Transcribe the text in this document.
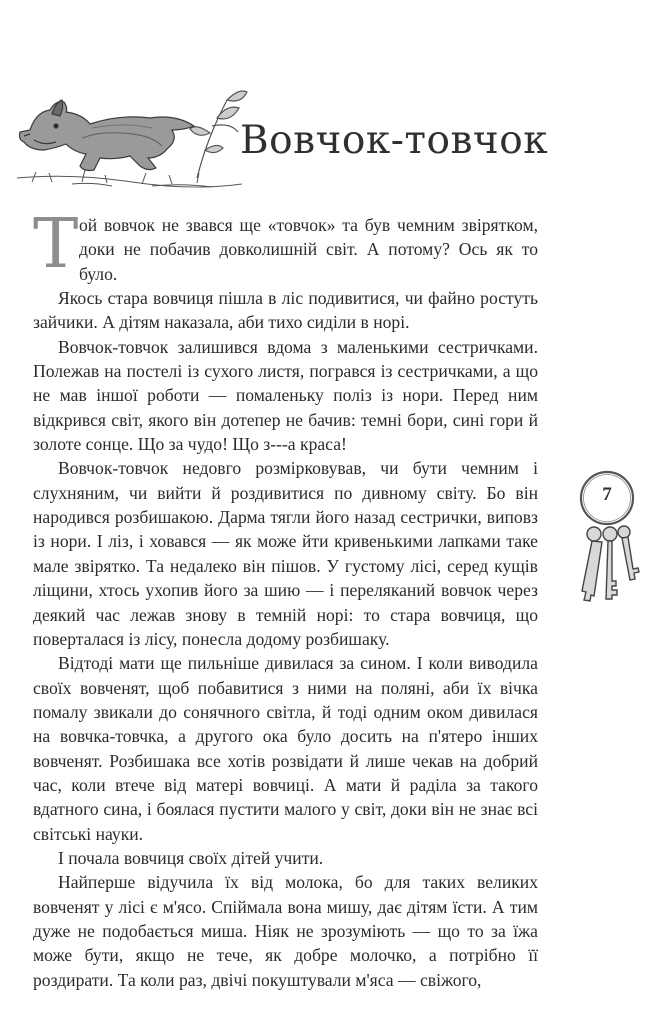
Вовчок-товчок

Той вовчок не звався ще «товчок» та був чемним звірятком, доки не побачив довколишній світ. А потому? Ось як то було.

Якось стара вовчиця пішла в ліс подивитися, чи файно ростуть зайчики. А дітям наказала, аби тихо сиділи в норі.

Вовчок-товчок залишився вдома з маленькими сестричками. Полежав на постелі із сухого листя, погрався із сестричками, а що не мав іншої роботи — помаленьку поліз із нори. Перед ним відкрився світ, якого він дотепер не бачив: темні бори, сині гори й золоте сонце. Що за чудо! Що з---а краса!

Вовчок-товчок недовго розмірковував, чи бути чемним і слухняним, чи вийти й роздивитися по дивному світу. Бо він народився розбишакою. Дарма тягли його назад сестрички, виповз із нори. І ліз, і ховався — як може йти кривенькими лапками таке мале звірятко. Та недалеко він пішов. У густому лісі, серед кущів ліщини, хтось ухопив його за шию — і переляканий вовчок через деякий час лежав знову в темній норі: то стара вовчиця, що поверталася із лісу, понесла додому розбишаку.

Відтоді мати ще пильніше дивилася за сином. І коли виводила своїх вовченят, щоб побавитися з ними на поляні, аби їх вічка помалу звикали до сонячного світла, й тоді одним оком дивилася на вовчка-товчка, а другого ока було досить на п'ятеро інших вовченят. Розбишака все хотів розвідати й лише чекав на добрий час, коли втече від матері вовчиці. А мати й раділа за такого вдатного сина, і боялася пустити малого у світ, доки він не знає всі світські науки.

І почала вовчиця своїх дітей учити.

Найперше відучила їх від молока, бо для таких великих вовченят у лісі є м'ясо. Спіймала вона мишу, дає дітям їсти. А тим дуже не подобається миша. Ніяк не зрозуміють — що то за їжа може бути, якщо не тече, як добре молочко, а потрібно її роздирати. Та коли раз, двічі покуштували м'яса — свіжого,

7
